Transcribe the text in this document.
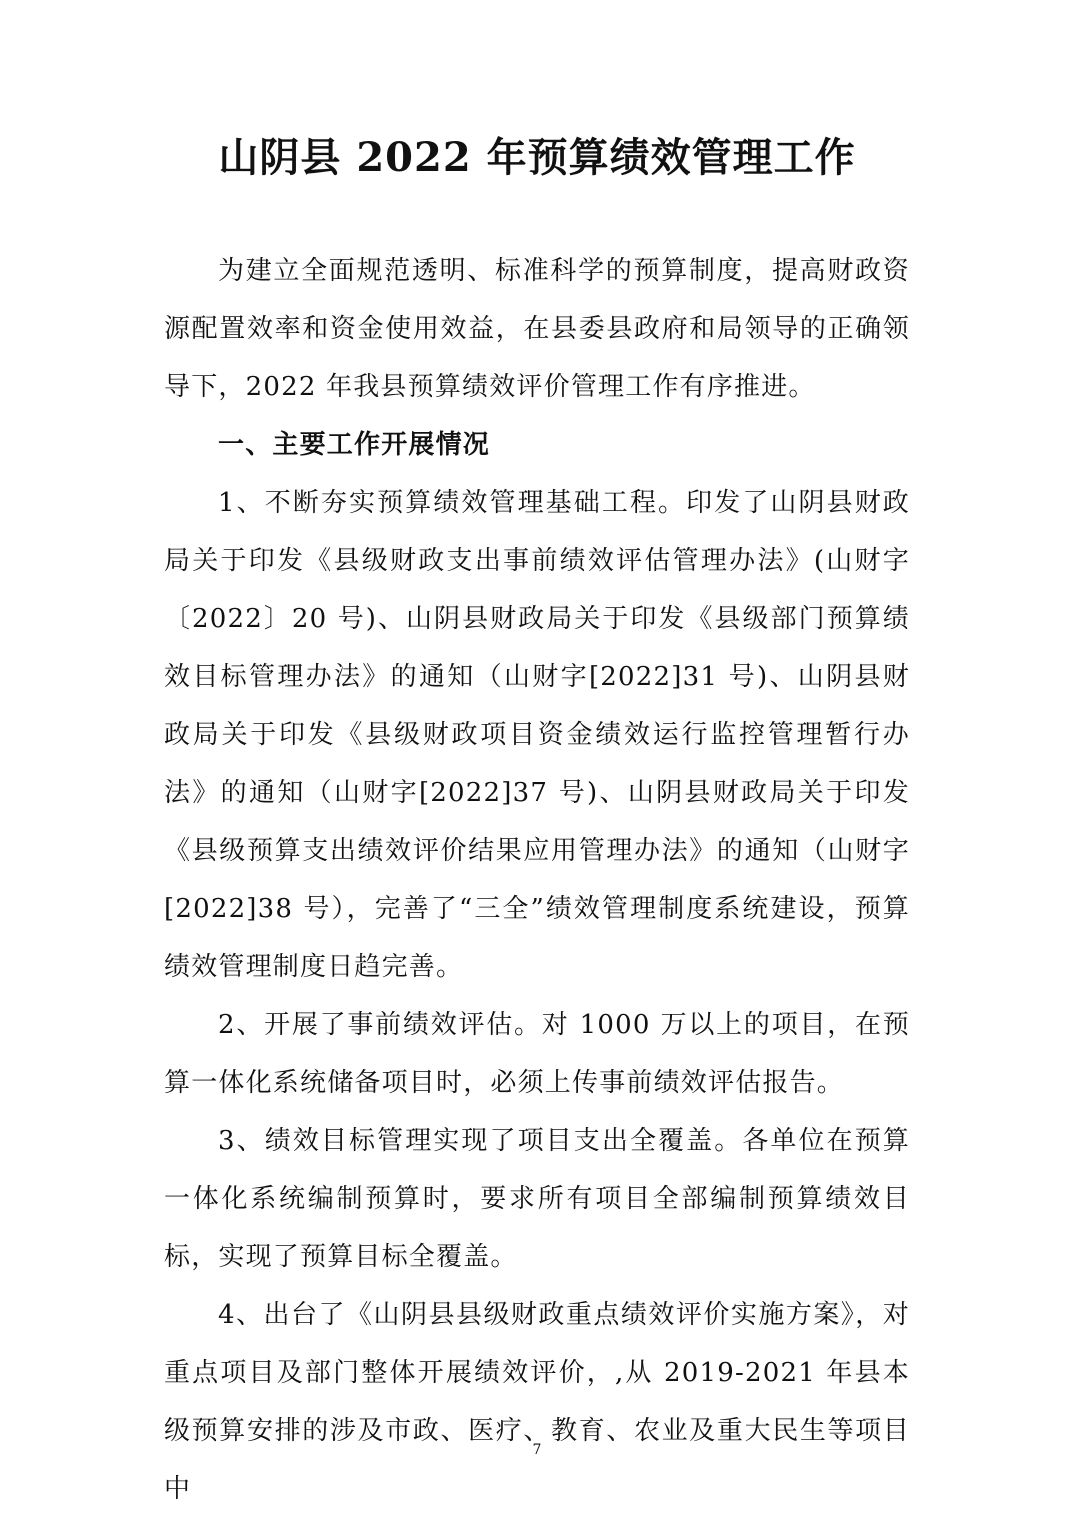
山阴县 2022 年预算绩效管理工作

为建立全面规范透明、标准科学的预算制度，提高财政资源配置效率和资金使用效益，在县委县政府和局领导的正确领导下，2022 年我县预算绩效评价管理工作有序推进。

一、主要工作开展情况

1、不断夯实预算绩效管理基础工程。印发了山阴县财政局关于印发《县级财政支出事前绩效评估管理办法》(山财字〔2022〕20 号)、山阴县财政局关于印发《县级部门预算绩效目标管理办法》的通知（山财字[2022]31 号)、山阴县财政局关于印发《县级财政项目资金绩效运行监控管理暂行办法》的通知（山财字[2022]37 号)、山阴县财政局关于印发《县级预算支出绩效评价结果应用管理办法》的通知（山财字[2022]38 号），完善了“三全”绩效管理制度系统建设，预算绩效管理制度日趋完善。

2、开展了事前绩效评估。对 1000 万以上的项目，在预算一体化系统储备项目时，必须上传事前绩效评估报告。

3、绩效目标管理实现了项目支出全覆盖。各单位在预算一体化系统编制预算时，要求所有项目全部编制预算绩效目标，实现了预算目标全覆盖。

4、出台了《山阴县县级财政重点绩效评价实施方案》，对重点项目及部门整体开展绩效评价，,从 2019-2021 年县本级预算安排的涉及市政、医疗、教育、农业及重大民生等项目中

7
